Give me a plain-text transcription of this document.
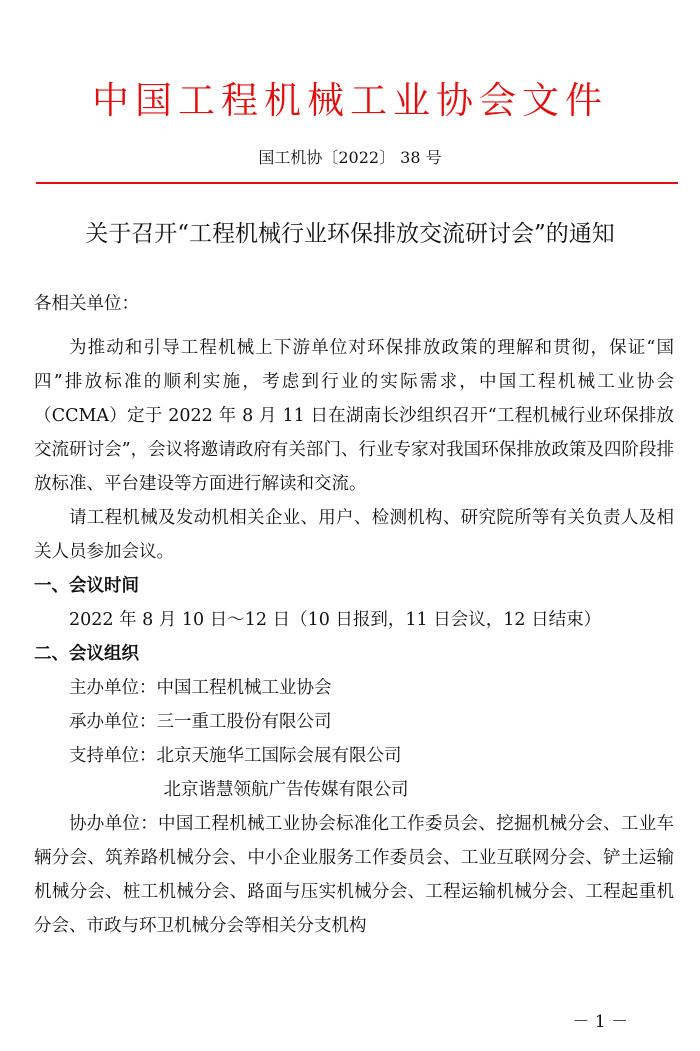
中国工程机械工业协会文件
国工机协〔2022〕 38 号
关于召开“工程机械行业环保排放交流研讨会”的通知

各相关单位：

为推动和引导工程机械上下游单位对环保排放政策的理解和贯彻，保证“国四”排放标准的顺利实施，考虑到行业的实际需求，中国工程机械工业协会（CCMA）定于 2022 年 8 月 11 日在湖南长沙组织召开“工程机械行业环保排放交流研讨会”，会议将邀请政府有关部门、行业专家对我国环保排放政策及四阶段排放标准、平台建设等方面进行解读和交流。

请工程机械及发动机相关企业、用户、检测机构、研究院所等有关负责人及相关人员参加会议。

一、会议时间

2022 年 8 月 10 日～12 日（10 日报到，11 日会议，12 日结束）

二、会议组织

主办单位： 中国工程机械工业协会
承办单位： 三一重工股份有限公司
支持单位： 北京天施华工国际会展有限公司
北京谐慧领航广告传媒有限公司

协办单位：中国工程机械工业协会标准化工作委员会、挖掘机械分会、工业车辆分会、筑养路机械分会、中小企业服务工作委员会、工业互联网分会、铲土运输机械分会、桩工机械分会、路面与压实机械分会、工程运输机械分会、工程起重机分会、市政与环卫机械分会等相关分支机构

－ 1 －
